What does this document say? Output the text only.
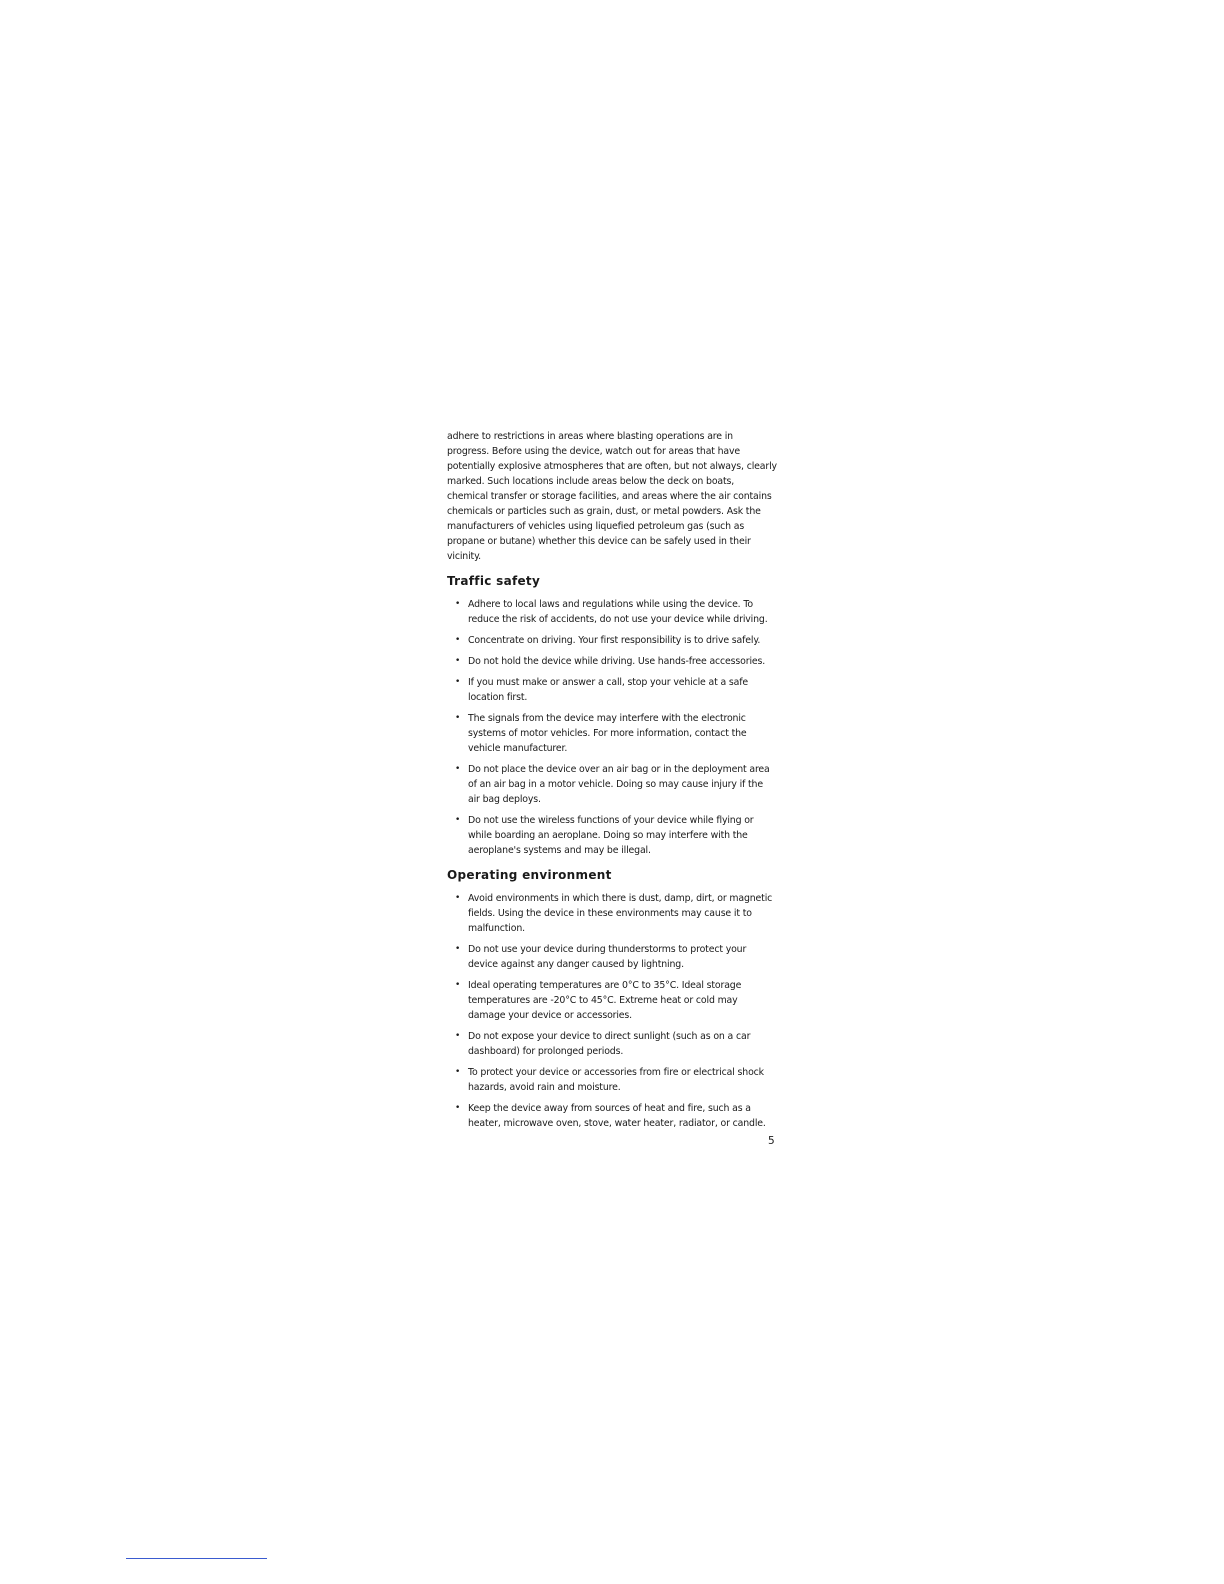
adhere to restrictions in areas where blasting operations are in progress. Before using the device, watch out for areas that have potentially explosive atmospheres that are often, but not always, clearly marked. Such locations include areas below the deck on boats, chemical transfer or storage facilities, and areas where the air contains chemicals or particles such as grain, dust, or metal powders. Ask the manufacturers of vehicles using liquefied petroleum gas (such as propane or butane) whether this device can be safely used in their vicinity.

Traffic safety
• Adhere to local laws and regulations while using the device. To reduce the risk of accidents, do not use your device while driving.
• Concentrate on driving. Your first responsibility is to drive safely.
• Do not hold the device while driving. Use hands-free accessories.
• If you must make or answer a call, stop your vehicle at a safe location first.
• The signals from the device may interfere with the electronic systems of motor vehicles. For more information, contact the vehicle manufacturer.
• Do not place the device over an air bag or in the deployment area of an air bag in a motor vehicle. Doing so may cause injury if the air bag deploys.
• Do not use the wireless functions of your device while flying or while boarding an aeroplane. Doing so may interfere with the aeroplane's systems and may be illegal.
Operating environment
• Avoid environments in which there is dust, damp, dirt, or magnetic fields. Using the device in these environments may cause it to malfunction.
• Do not use your device during thunderstorms to protect your device against any danger caused by lightning.
• Ideal operating temperatures are 0°C to 35°C. Ideal storage temperatures are -20°C to 45°C. Extreme heat or cold may damage your device or accessories.
• Do not expose your device to direct sunlight (such as on a car dashboard) for prolonged periods.
• To protect your device or accessories from fire or electrical shock hazards, avoid rain and moisture.
• Keep the device away from sources of heat and fire, such as a heater, microwave oven, stove, water heater, radiator, or candle.
5
